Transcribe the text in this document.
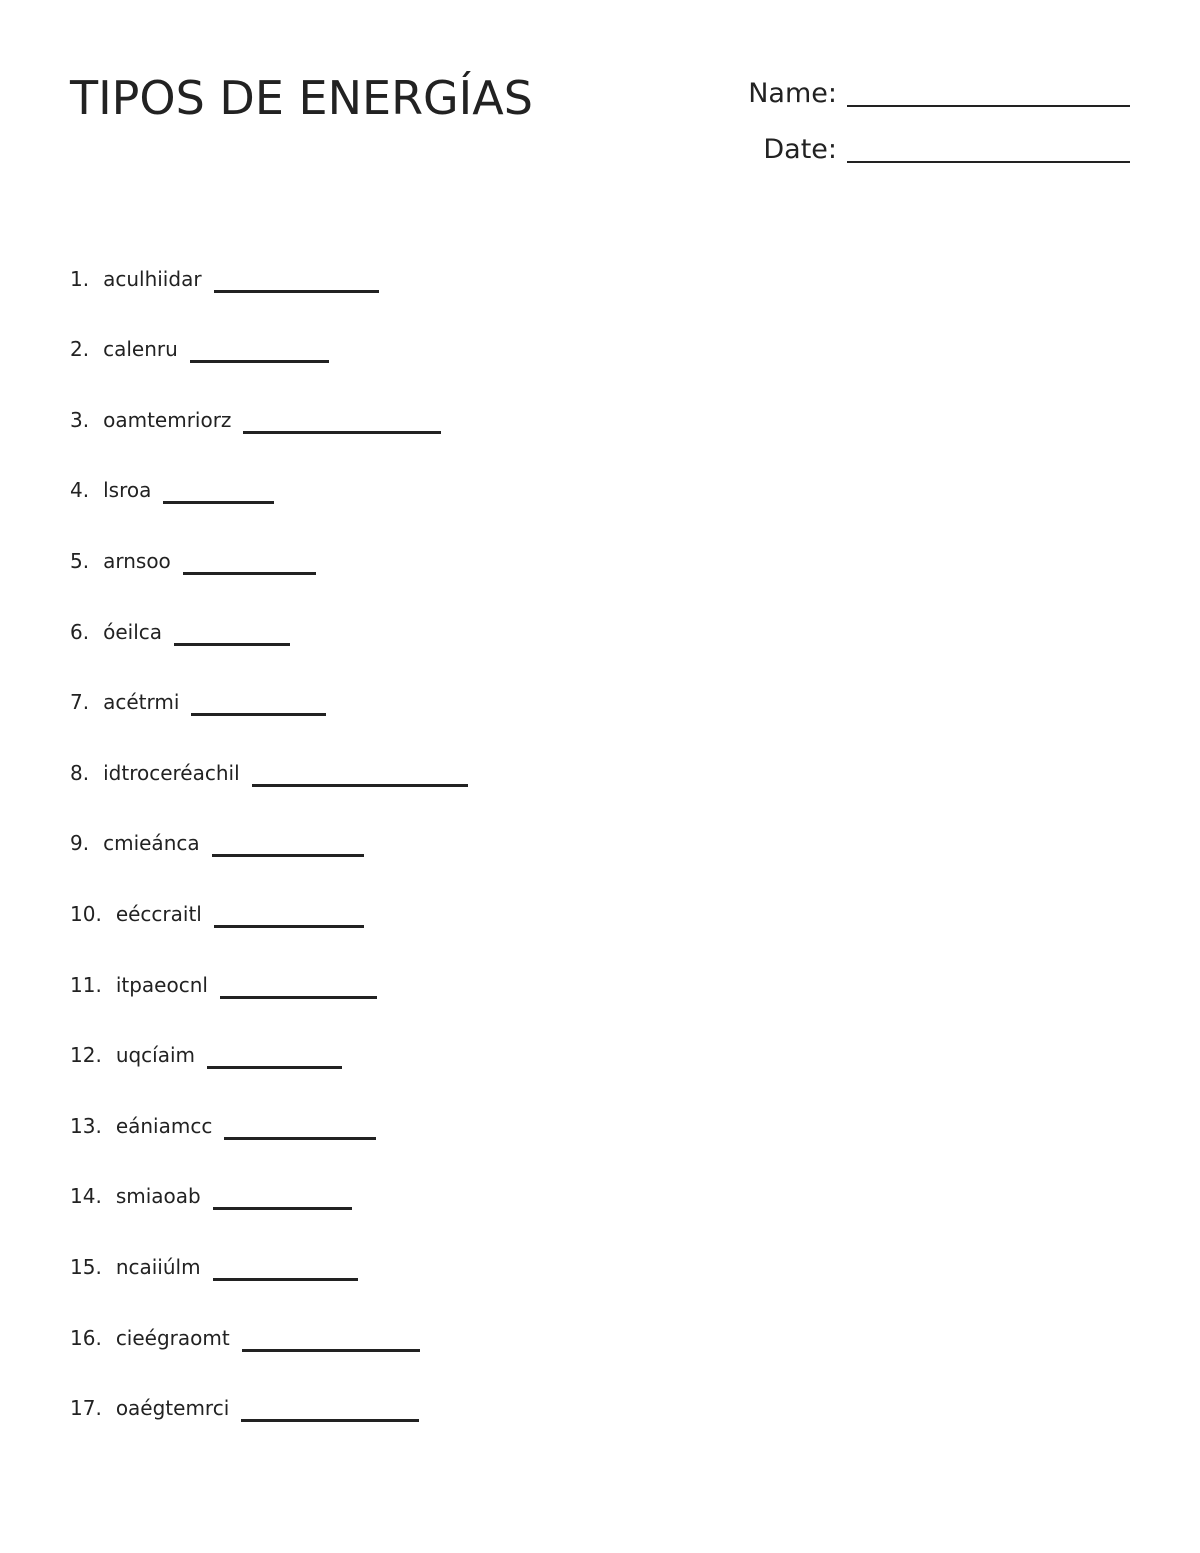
TIPOS DE ENERGÍAS	Name:
Date:
1. aculhiidar
2. calenru
3. oamtemriorz
4. lsroa
5. arnsoo
6. óeilca
7. acétrmi
8. idtroceréachil
9. cmieánca
10. eéccraitl
11. itpaeocnl
12. uqcíaim
13. eániamcc
14. smiaoab
15. ncaiiúlm
16. cieégraomt
17. oaégtemrci
